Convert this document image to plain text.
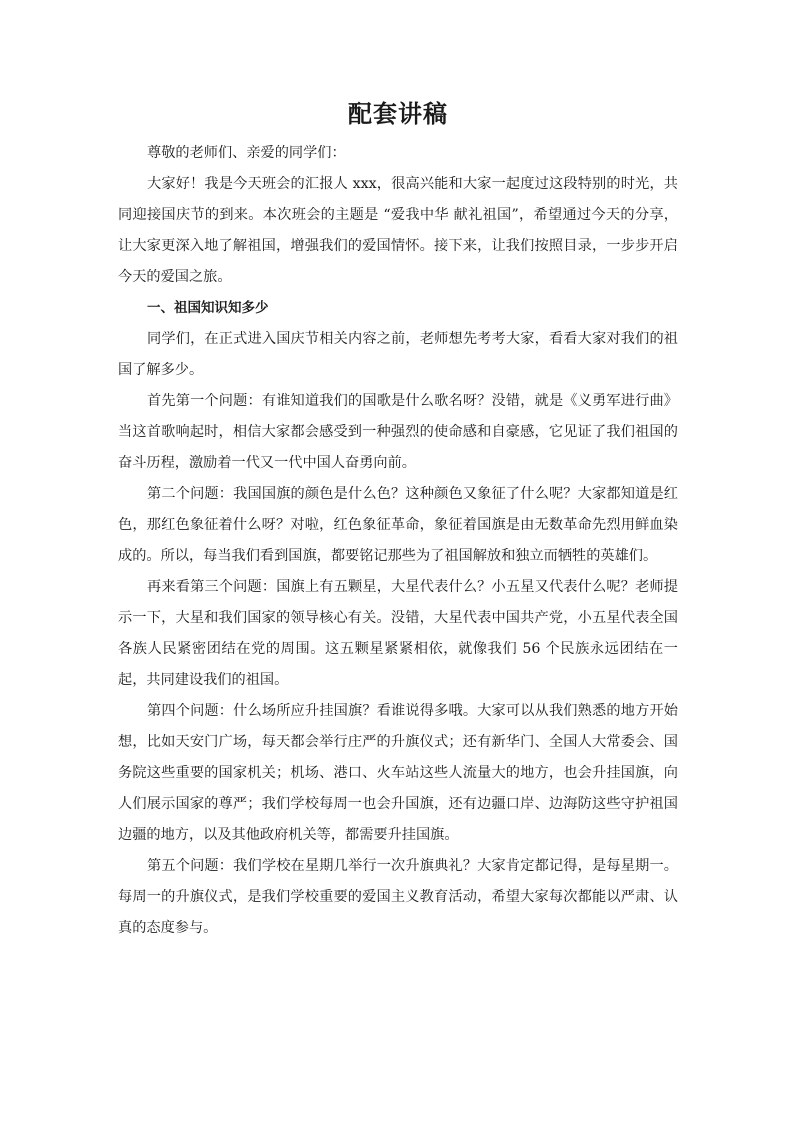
配套讲稿

尊敬的老师们、亲爱的同学们：

大家好！我是今天班会的汇报人 xxx，很高兴能和大家一起度过这段特别的时光，共同迎接国庆节的到来。本次班会的主题是 “爱我中华 献礼祖国”，希望通过今天的分享，让大家更深入地了解祖国，增强我们的爱国情怀。接下来，让我们按照目录，一步步开启今天的爱国之旅。

一、祖国知识知多少

同学们，在正式进入国庆节相关内容之前，老师想先考考大家，看看大家对我们的祖国了解多少。

首先第一个问题：有谁知道我们的国歌是什么歌名呀？没错，就是《义勇军进行曲》当这首歌响起时，相信大家都会感受到一种强烈的使命感和自豪感，它见证了我们祖国的奋斗历程，激励着一代又一代中国人奋勇向前。

第二个问题：我国国旗的颜色是什么色？这种颜色又象征了什么呢？大家都知道是红色，那红色象征着什么呀？对啦，红色象征革命，象征着国旗是由无数革命先烈用鲜血染成的。所以，每当我们看到国旗，都要铭记那些为了祖国解放和独立而牺牲的英雄们。

再来看第三个问题：国旗上有五颗星，大星代表什么？小五星又代表什么呢？老师提示一下，大星和我们国家的领导核心有关。没错，大星代表中国共产党，小五星代表全国各族人民紧密团结在党的周围。这五颗星紧紧相依，就像我们 56 个民族永远团结在一起，共同建设我们的祖国。

第四个问题：什么场所应升挂国旗？看谁说得多哦。大家可以从我们熟悉的地方开始想，比如天安门广场，每天都会举行庄严的升旗仪式；还有新华门、全国人大常委会、国务院这些重要的国家机关；机场、港口、火车站这些人流量大的地方，也会升挂国旗，向人们展示国家的尊严；我们学校每周一也会升国旗，还有边疆口岸、边海防这些守护祖国边疆的地方，以及其他政府机关等，都需要升挂国旗。

第五个问题：我们学校在星期几举行一次升旗典礼？大家肯定都记得，是每星期一。每周一的升旗仪式，是我们学校重要的爱国主义教育活动，希望大家每次都能以严肃、认真的态度参与。
